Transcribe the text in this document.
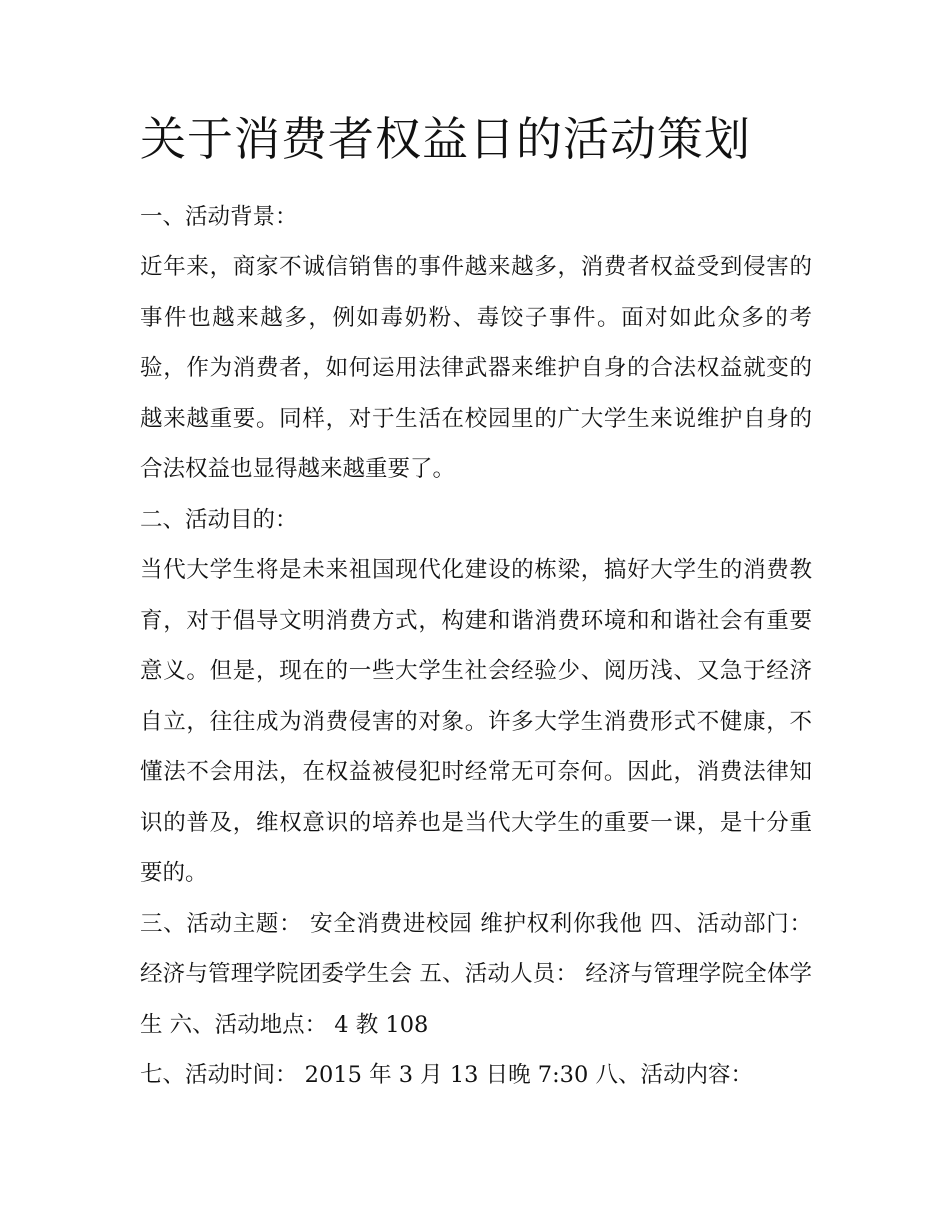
关于消费者权益日的活动策划

一、活动背景：

近年来，商家不诚信销售的事件越来越多，消费者权益受到侵害的事件也越来越多，例如毒奶粉、毒饺子事件。面对如此众多的考验，作为消费者，如何运用法律武器来维护自身的合法权益就变的越来越重要。同样，对于生活在校园里的广大学生来说维护自身的合法权益也显得越来越重要了。

二、活动目的：

当代大学生将是未来祖国现代化建设的栋梁，搞好大学生的消费教育，对于倡导文明消费方式，构建和谐消费环境和和谐社会有重要意义。但是，现在的一些大学生社会经验少、阅历浅、又急于经济自立，往往成为消费侵害的对象。许多大学生消费形式不健康，不懂法不会用法，在权益被侵犯时经常无可奈何。因此，消费法律知识的普及，维权意识的培养也是当代大学生的重要一课，是十分重要的。

三、活动主题： 安全消费进校园 维护权利你我他 四、活动部门： 经济与管理学院团委学生会 五、活动人员： 经济与管理学院全体学生 六、活动地点： 4 教 108

七、活动时间： 2015 年 3 月 13 日晚 7:30 八、活动内容：
